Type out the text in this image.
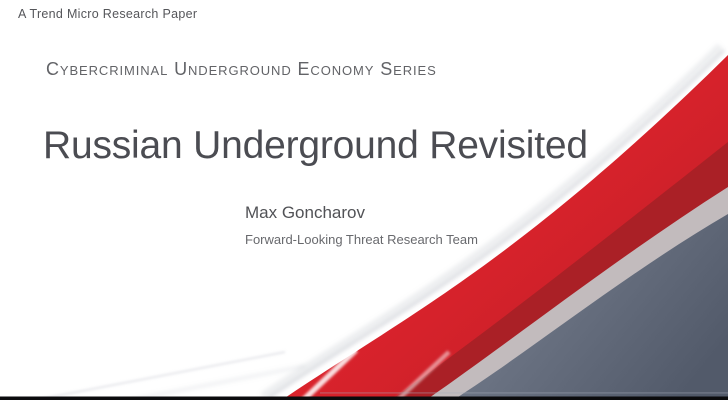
A Trend Micro Research Paper
Cybercriminal Underground Economy Series
Russian Underground Revisited

Max Goncharov

Forward-Looking Threat Research Team
